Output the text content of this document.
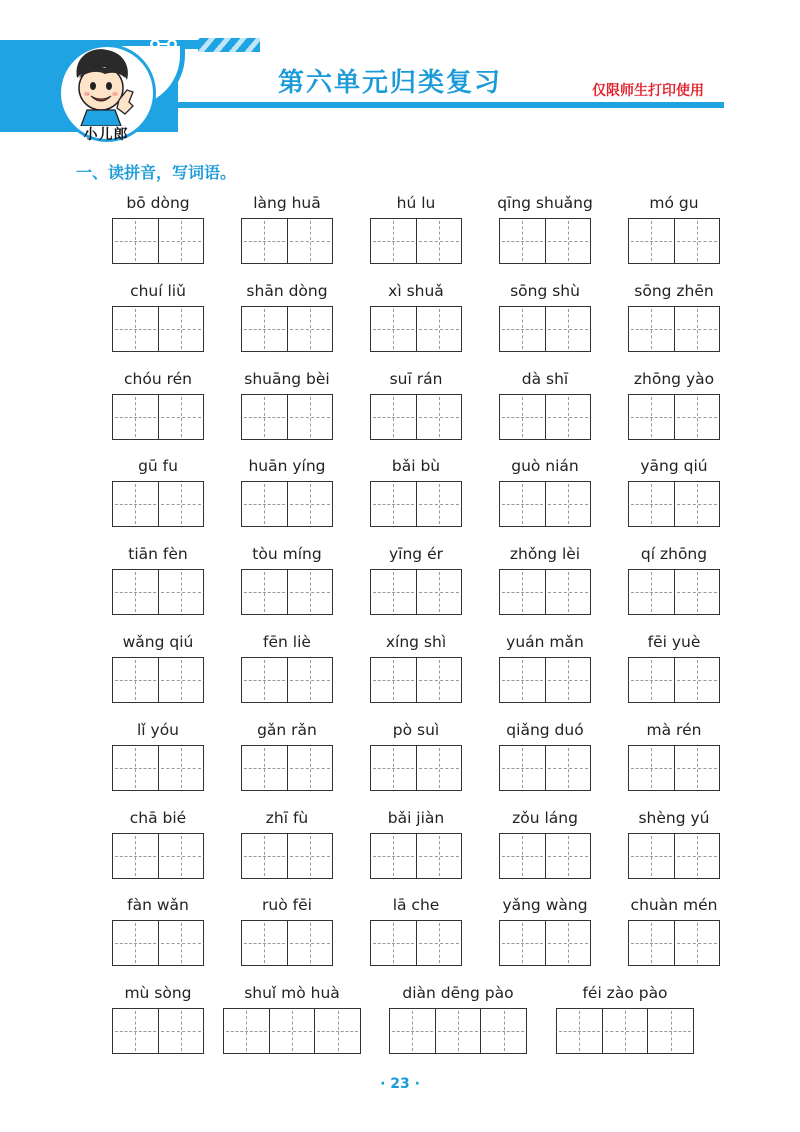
小儿郎
第六单元归类复习	仅限师生打印使用
一、读拼音，写词语。
bō dòng	làng huā	hú lu	qīng shuǎng	mó gu
chuí liǔ	shān dòng	xì shuǎ	sōng shù	sōng zhēn
chóu rén	shuāng bèi	suī rán	dà shī	zhōng yào
gū fu	huān yíng	bǎi bù	guò nián	yāng qiú
tiān fèn	tòu míng	yīng ér	zhǒng lèi	qí zhōng
wǎng qiú	fēn liè	xíng shì	yuán mǎn	fēi yuè
lǐ yóu	gǎn rǎn	pò suì	qiǎng duó	mà rén
chā bié	zhī fù	bǎi jiàn	zǒu láng	shèng yú
fàn wǎn	ruò fēi	lā che	yǎng wàng	chuàn mén
mù sòng	shuǐ mò huà	diàn dēng pào	féi zào pào
· 23 ·
